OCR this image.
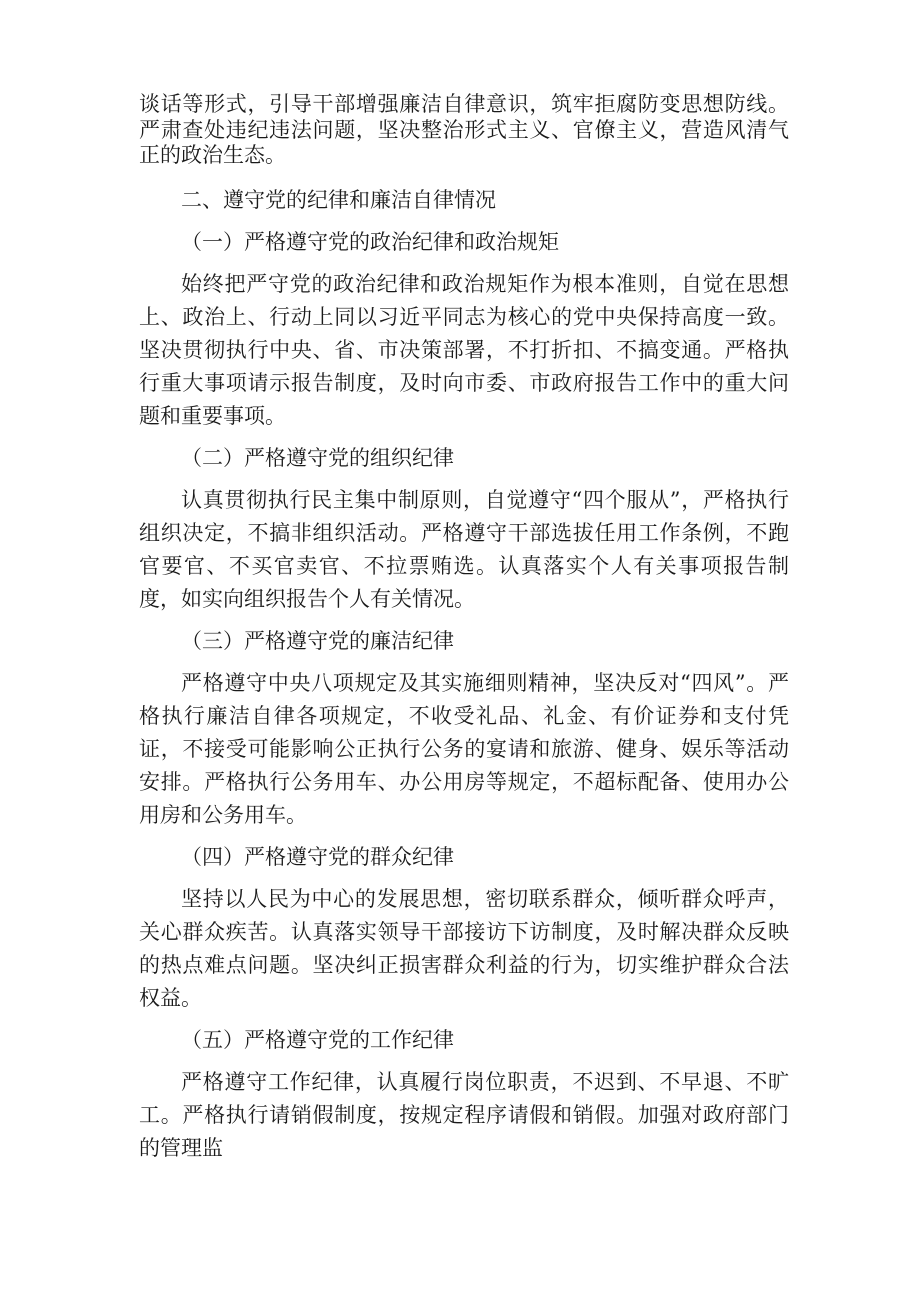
谈话等形式，引导干部增强廉洁自律意识，筑牢拒腐防变思想防线。严肃查处违纪违法问题，坚决整治形式主义、官僚主义，营造风清气正的政治生态。

二、遵守党的纪律和廉洁自律情况

（一）严格遵守党的政治纪律和政治规矩

始终把严守党的政治纪律和政治规矩作为根本准则，自觉在思想上、政治上、行动上同以习近平同志为核心的党中央保持高度一致。坚决贯彻执行中央、省、市决策部署，不打折扣、不搞变通。严格执行重大事项请示报告制度，及时向市委、市政府报告工作中的重大问题和重要事项。

（二）严格遵守党的组织纪律

认真贯彻执行民主集中制原则，自觉遵守“四个服从”，严格执行组织决定，不搞非组织活动。严格遵守干部选拔任用工作条例，不跑官要官、不买官卖官、不拉票贿选。认真落实个人有关事项报告制度，如实向组织报告个人有关情况。

（三）严格遵守党的廉洁纪律

严格遵守中央八项规定及其实施细则精神，坚决反对“四风”。严格执行廉洁自律各项规定，不收受礼品、礼金、有价证券和支付凭证，不接受可能影响公正执行公务的宴请和旅游、健身、娱乐等活动安排。严格执行公务用车、办公用房等规定，不超标配备、使用办公用房和公务用车。

（四）严格遵守党的群众纪律

坚持以人民为中心的发展思想，密切联系群众，倾听群众呼声，关心群众疾苦。认真落实领导干部接访下访制度，及时解决群众反映的热点难点问题。坚决纠正损害群众利益的行为，切实维护群众合法权益。

（五）严格遵守党的工作纪律

严格遵守工作纪律，认真履行岗位职责，不迟到、不早退、不旷工。严格执行请销假制度，按规定程序请假和销假。加强对政府部门的管理监
